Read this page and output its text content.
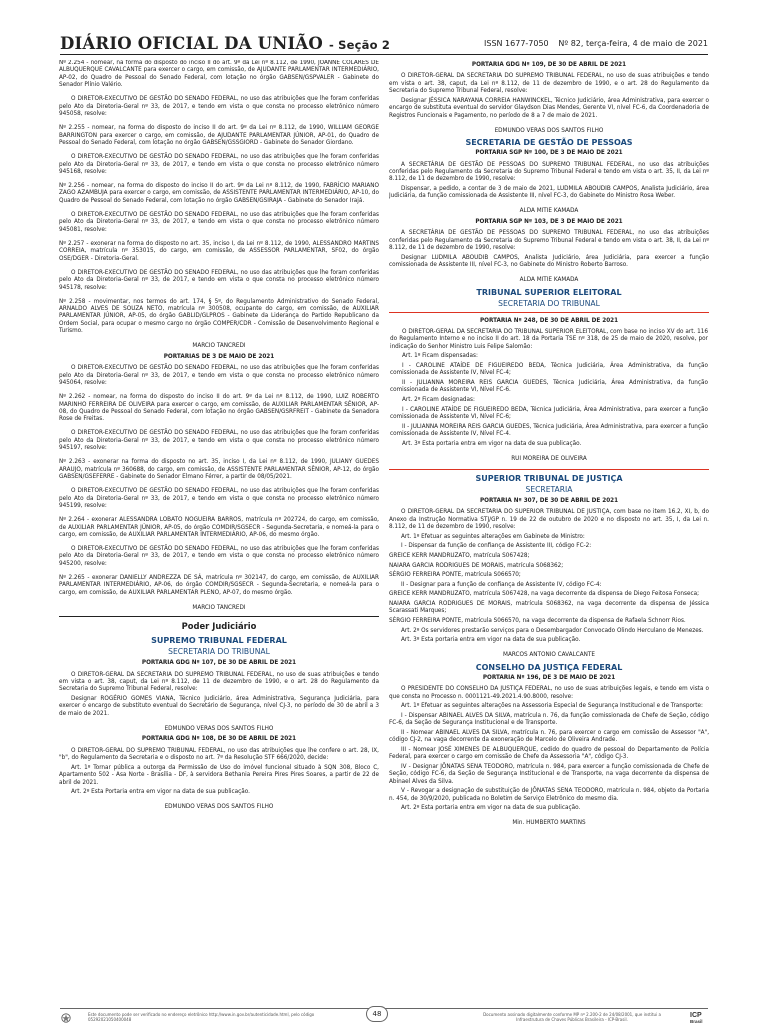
DIÁRIO OFICIAL DA UNIÃO - Seção 2	ISSN 1677-7050 Nº 82, terça-feira, 4 de maio de 2021

Nº 2.254 - nomear, na forma do disposto do inciso II do art. 9º da Lei nº 8.112, de 1990, JOANNE COLARES DE ALBUQUERQUE CAVALCANTE para exercer o cargo, em comissão, de AJUDANTE PARLAMENTAR INTERMEDIÁRIO, AP-02, do Quadro de Pessoal do Senado Federal, com lotação no órgão GABSEN/GSPVALER - Gabinete do Senador Plínio Valério.

O DIRETOR-EXECUTIVO DE GESTÃO DO SENADO FEDERAL, no uso das atribuições que lhe foram conferidas pelo Ato da Diretoria-Geral nº 33, de 2017, e tendo em vista o que consta no processo eletrônico número 945058, resolve:

Nº 2.255 - nomear, na forma do disposto do inciso II do art. 9º da Lei nº 8.112, de 1990, WILLIAM GEORGE BARRINGTON para exercer o cargo, em comissão, de AJUDANTE PARLAMENTAR JÚNIOR, AP-01, do Quadro de Pessoal do Senado Federal, com lotação no órgão GABSEN/GSSGIORD - Gabinete do Senador Giordano.

O DIRETOR-EXECUTIVO DE GESTÃO DO SENADO FEDERAL, no uso das atribuições que lhe foram conferidas pelo Ato da Diretoria-Geral nº 33, de 2017, e tendo em vista o que consta no processo eletrônico número 945168, resolve:

Nº 2.256 - nomear, na forma do disposto do inciso II do art. 9º da Lei nº 8.112, de 1990, FABRÍCIO MARIANO ZAGO AZAMBUJA para exercer o cargo, em comissão, de ASSISTENTE PARLAMENTAR INTERMEDIÁRIO, AP-10, do Quadro de Pessoal do Senado Federal, com lotação no órgão GABSEN/GSIRAJA - Gabinete do Senador Irajá.

O DIRETOR-EXECUTIVO DE GESTÃO DO SENADO FEDERAL, no uso das atribuições que lhe foram conferidas pelo Ato da Diretoria-Geral nº 33, de 2017, e tendo em vista o que consta no processo eletrônico número 945081, resolve:

Nº 2.257 - exonerar na forma do disposto no art. 35, inciso I, da Lei nº 8.112, de 1990, ALESSANDRO MARTINS CORREIA, matrícula nº 353015, do cargo, em comissão, de ASSESSOR PARLAMENTAR, SF02, do órgão OSE/DGER - Diretoria-Geral.

O DIRETOR-EXECUTIVO DE GESTÃO DO SENADO FEDERAL, no uso das atribuições que lhe foram conferidas pelo Ato da Diretoria-Geral nº 33, de 2017, e tendo em vista o que consta no processo eletrônico número 945178, resolve:

Nº 2.258 - movimentar, nos termos do art. 174, § 5º, do Regulamento Administrativo do Senado Federal, ARNALDO ALVES DE SOUZA NETO, matrícula nº 300508, ocupante do cargo, em comissão, de AUXILIAR PARLAMENTAR JÚNIOR, AP-05, do órgão GABLID/GLPROS - Gabinete da Liderança do Partido Republicano da Ordem Social, para ocupar o mesmo cargo no órgão COMPER/CDR - Comissão de Desenvolvimento Regional e Turismo.

MARCIO TANCREDI

PORTARIAS DE 3 DE MAIO DE 2021

O DIRETOR-EXECUTIVO DE GESTÃO DO SENADO FEDERAL, no uso das atribuições que lhe foram conferidas pelo Ato da Diretoria-Geral nº 33, de 2017, e tendo em vista o que consta no processo eletrônico número 945064, resolve:

Nº 2.262 - nomear, na forma do disposto do inciso II do art. 9º da Lei nº 8.112, de 1990, LUIZ ROBERTO MARINHO FERREIRA DE OLIVEIRA para exercer o cargo, em comissão, de AUXILIAR PARLAMENTAR SÊNIOR, AP-08, do Quadro de Pessoal do Senado Federal, com lotação no órgão GABSEN/GSRFREIT - Gabinete da Senadora Rose de Freitas.

O DIRETOR-EXECUTIVO DE GESTÃO DO SENADO FEDERAL, no uso das atribuições que lhe foram conferidas pelo Ato da Diretoria-Geral nº 33, de 2017, e tendo em vista o que consta no processo eletrônico número 945197, resolve:

Nº 2.263 - exonerar na forma do disposto no art. 35, inciso I, da Lei nº 8.112, de 1990, JULIANY GUEDES ARAUJO, matrícula nº 360688, do cargo, em comissão, de ASSISTENTE PARLAMENTAR SÊNIOR, AP-12, do órgão GABSEN/GSEFERRE - Gabinete do Senador Elmano Férrer, a partir de 08/05/2021.

O DIRETOR-EXECUTIVO DE GESTÃO DO SENADO FEDERAL, no uso das atribuições que lhe foram conferidas pelo Ato da Diretoria-Geral nº 33, de 2017, e tendo em vista o que consta no processo eletrônico número 945199, resolve:

Nº 2.264 - exonerar ALESSANDRA LOBATO NOGUEIRA BARROS, matrícula nº 202724, do cargo, em comissão, de AUXILIAR PARLAMENTAR JÚNIOR, AP-05, do órgão COMDIR/SGSECR - Segunda-Secretaria, e nomeá-la para o cargo, em comissão, de AUXILIAR PARLAMENTAR INTERMEDIÁRIO, AP-06, do mesmo órgão.

O DIRETOR-EXECUTIVO DE GESTÃO DO SENADO FEDERAL, no uso das atribuições que lhe foram conferidas pelo Ato da Diretoria-Geral nº 33, de 2017, e tendo em vista o que consta no processo eletrônico número 945200, resolve:

Nº 2.265 - exonerar DANIELLY ANDREZZA DE SÁ, matrícula nº 302147, do cargo, em comissão, de AUXILIAR PARLAMENTAR INTERMEDIÁRIO, AP-06, do órgão COMDIR/SGSECR - Segunda-Secretaria, e nomeá-la para o cargo, em comissão, de AUXILIAR PARLAMENTAR PLENO, AP-07, do mesmo órgão.

MARCIO TANCREDI

Poder Judiciário

SUPREMO TRIBUNAL FEDERAL

SECRETARIA DO TRIBUNAL

PORTARIA GDG Nº 107, DE 30 DE ABRIL DE 2021

O DIRETOR-GERAL DA SECRETARIA DO SUPREMO TRIBUNAL FEDERAL, no uso de suas atribuições e tendo em vista o art. 38, caput, da Lei nº 8.112, de 11 de dezembro de 1990, e o art. 28 do Regulamento da Secretaria do Supremo Tribunal Federal, resolve:

Designar ROGÉRIO GOMES VIANA, Técnico Judiciário, área Administrativa, Segurança Judiciária, para exercer o encargo de substituto eventual do Secretário de Segurança, nível CJ-3, no período de 30 de abril a 3 de maio de 2021.

EDMUNDO VERAS DOS SANTOS FILHO

PORTARIA GDG Nº 108, DE 30 DE ABRIL DE 2021

O DIRETOR-GERAL DO SUPREMO TRIBUNAL FEDERAL, no uso das atribuições que lhe confere o art. 28, IX, "b", do Regulamento da Secretaria e o disposto no art. 7º da Resolução STF 666/2020, decide:

Art. 1º Tornar pública a outorga da Permissão de Uso do imóvel funcional situado à SQN 308, Bloco C, Apartamento 502 - Asa Norte - Brasília - DF, à servidora Bethania Pereira Pires Pires Soares, a partir de 22 de abril de 2021.

Art. 2º Esta Portaria entra em vigor na data de sua publicação.

EDMUNDO VERAS DOS SANTOS FILHO

PORTARIA GDG Nº 109, DE 30 DE ABRIL DE 2021

O DIRETOR-GERAL DA SECRETARIA DO SUPREMO TRIBUNAL FEDERAL, no uso de suas atribuições e tendo em vista o art. 38, caput, da Lei nº 8.112, de 11 de dezembro de 1990, e o art. 28 do Regulamento da Secretaria do Supremo Tribunal Federal, resolve:

Designar JÉSSICA NARAYANA CORREIA HANWINCKEL, Técnico Judiciário, área Administrativa, para exercer o encargo de substituta eventual do servidor Glaydson Dias Mendes, Gerente VI, nível FC-6, da Coordenadoria de Registros Funcionais e Pagamento, no período de 8 a 7 de maio de 2021.

EDMUNDO VERAS DOS SANTOS FILHO

SECRETARIA DE GESTÃO DE PESSOAS

PORTARIA SGP Nº 100, DE 3 DE MAIO DE 2021

A SECRETÁRIA DE GESTÃO DE PESSOAS DO SUPREMO TRIBUNAL FEDERAL, no uso das atribuições conferidas pelo Regulamento da Secretaria do Supremo Tribunal Federal e tendo em vista o art. 35, II, da Lei nº 8.112, de 11 de dezembro de 1990, resolve:

Dispensar, a pedido, a contar de 3 de maio de 2021, LUDMILA ABOUDIB CAMPOS, Analista Judiciário, área Judiciária, da função comissionada de Assistente III, nível FC-3, do Gabinete do Ministro Rosa Weber.

ALDA MITIE KAMADA

PORTARIA SGP Nº 103, DE 3 DE MAIO DE 2021

A SECRETÁRIA DE GESTÃO DE PESSOAS DO SUPREMO TRIBUNAL FEDERAL, no uso das atribuições conferidas pelo Regulamento da Secretaria do Supremo Tribunal Federal e tendo em vista o art. 38, II, da Lei nº 8.112, de 11 de dezembro de 1990, resolve:

Designar LUDMILA ABOUDIB CAMPOS, Analista Judiciário, área Judiciária, para exercer a função comissionada de Assistente III, nível FC-3, no Gabinete do Ministro Roberto Barroso.

ALDA MITIE KAMADA

TRIBUNAL SUPERIOR ELEITORAL

SECRETARIA DO TRIBUNAL

PORTARIA Nº 248, DE 30 DE ABRIL DE 2021

O DIRETOR-GERAL DA SECRETARIA DO TRIBUNAL SUPERIOR ELEITORAL, com base no inciso XV do art. 116 do Regulamento Interno e no inciso II do art. 18 da Portaria TSE nº 318, de 25 de maio de 2020, resolve, por indicação do Senhor Ministro Luis Felipe Salomão:

Art. 1º Ficam dispensadas:

I - CAROLINE ATAÍDE DE FIGUEIREDO BEDA, Técnica Judiciária, Área Administrativa, da função comissionada de Assistente IV, Nível FC-4;

II - JULIANNA MOREIRA REIS GARCIA GUEDES, Técnica Judiciária, Área Administrativa, da função comissionada de Assistente VI, Nível FC-6.

Art. 2º Ficam designadas:

I - CAROLINE ATAÍDE DE FIGUEIREDO BEDA, Técnica Judiciária, Área Administrativa, para exercer a função comissionada de Assistente VI, Nível FC-6;

II - JULIANNA MOREIRA REIS GARCIA GUEDES, Técnica Judiciária, Área Administrativa, para exercer a função comissionada de Assistente IV, Nível FC-4.

Art. 3º Esta portaria entra em vigor na data de sua publicação.

RUI MOREIRA DE OLIVEIRA

SUPERIOR TRIBUNAL DE JUSTIÇA

SECRETARIA

PORTARIA Nº 307, DE 30 DE ABRIL DE 2021

O DIRETOR-GERAL DA SECRETARIA DO SUPERIOR TRIBUNAL DE JUSTIÇA, com base no item 16.2, XI, b, do Anexo da Instrução Normativa STJ/GP n. 19 de 22 de outubro de 2020 e no disposto no art. 35, I, da Lei n. 8.112, de 11 de dezembro de 1990, resolve:

Art. 1º Efetuar as seguintes alterações em Gabinete de Ministro:

I - Dispensar da função de confiança de Assistente III, código FC-2:

GREICE KERR MANDRUZATO, matrícula S067428;

NAIARA GARCIA RODRIGUES DE MORAIS, matrícula S068362;

SÉRGIO FERREIRA PONTE, matrícula S066570;

II - Designar para a função de confiança de Assistente IV, código FC-4:

GREICE KERR MANDRUZATO, matrícula S067428, na vaga decorrente da dispensa de Diego Feitosa Fonseca;

NAIARA GARCIA RODRIGUES DE MORAIS, matrícula S068362, na vaga decorrente da dispensa de Jéssica Scarassati Marques;

SÉRGIO FERREIRA PONTE, matrícula S066570, na vaga decorrente da dispensa de Rafaela Schnorr Rios.

Art. 2º Os servidores prestarão serviços para o Desembargador Convocado Olindo Herculano de Menezes.

Art. 3º Esta portaria entra em vigor na data de sua publicação.

MARCOS ANTONIO CAVALCANTE

CONSELHO DA JUSTIÇA FEDERAL

PORTARIA Nº 196, DE 3 DE MAIO DE 2021

O PRESIDENTE DO CONSELHO DA JUSTIÇA FEDERAL, no uso de suas atribuições legais, e tendo em vista o que consta no Processo n. 0001121-49.2021.4.90.8000, resolve:

Art. 1º Efetuar as seguintes alterações na Assessoria Especial de Segurança Institucional e de Transporte:

I - Dispensar ABINAEL ALVES DA SILVA, matrícula n. 76, da função comissionada de Chefe de Seção, código FC-6, da Seção de Segurança Institucional e de Transporte.

II - Nomear ABINAEL ALVES DA SILVA, matrícula n. 76, para exercer o cargo em comissão de Assessor "A", código CJ-2, na vaga decorrente da exoneração de Marcelo de Oliveira Andrade.

III - Nomear JOSÉ XIMENES DE ALBUQUERQUE, cedido do quadro de pessoal do Departamento de Polícia Federal, para exercer o cargo em comissão de Chefe da Assessoria "A", código CJ-3.

IV - Designar JÔNATAS SENA TEODORO, matrícula n. 984, para exercer a função comissionada de Chefe de Seção, código FC-6, da Seção de Segurança Institucional e de Transporte, na vaga decorrente da dispensa de Abinael Alves da Silva.

V - Revogar a designação de substituição de JÔNATAS SENA TEODORO, matrícula n. 984, objeto da Portaria n. 454, de 30/9/2020, publicada no Boletim de Serviço Eletrônico do mesmo dia.

Art. 2º Esta portaria entra em vigor na data de sua publicação.

Min. HUMBERTO MARTINS

Este documento pode ser verificado no endereço eletrônico http://www.in.gov.br/autenticidade.html, pelo código 05292021050400048
48	Documento assinado digitalmente conforme MP nº 2.200-2 de 24/08/2001, que institui a Infraestrutura de Chaves Públicas Brasileira - ICP-Brasil.
ICP
Brasil
